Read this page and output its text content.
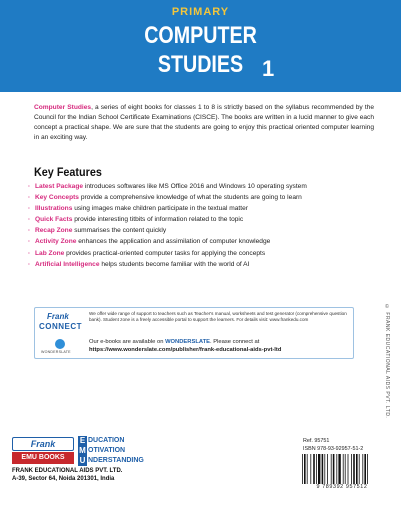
PRIMARY
COMPUTER
STUDIES 1

Computer Studies, a series of eight books for classes 1 to 8 is strictly based on the syllabus recommended by the Council for the Indian School Certificate Examinations (CISCE). The books are written in a lucid manner to give each concept a practical shape. We are sure that the students are going to enjoy this practical oriented computer learning in an exciting way.

Key Features
· Latest Package introduces softwares like MS Office 2016 and Windows 10 operating system
· Key Concepts provide a comprehensive knowledge of what the students are going to learn
· Illustrations using images make children participate in the textual matter
· Quick Facts provide interesting titbits of information related to the topic
· Recap Zone summarises the content quickly
· Activity Zone enhances the application and assimilation of computer knowledge
· Lab Zone provides practical-oriented computer tasks for applying the concepts
· Artificial Intelligence helps students become familiar with the world of AI
Frank
CONNECT
We offer wide range of support to teachers such as Teacher's manual, worksheets and test generator (comprehensive question bank). Student zone is a freely accessible portal to support the learners. For details visit: www.frankedu.com
WONDERSLATE
Our e-books are available on WONDERSLATE. Please connect at
https://www.wonderslate.com/publisher/frank-educational-aids-pvt-ltd	© FRANK EDUCATIONAL AIDS PVT. LTD.
Frank
EMU BOOKS
E DUCATION
M OTIVATION
U NDERSTANDING
FRANK EDUCATIONAL AIDS PVT. LTD.
A-39, Sector 64, Noida 201301, India
Ref. 95751
ISBN 978-93-92957-51-2
9 789392 957512
